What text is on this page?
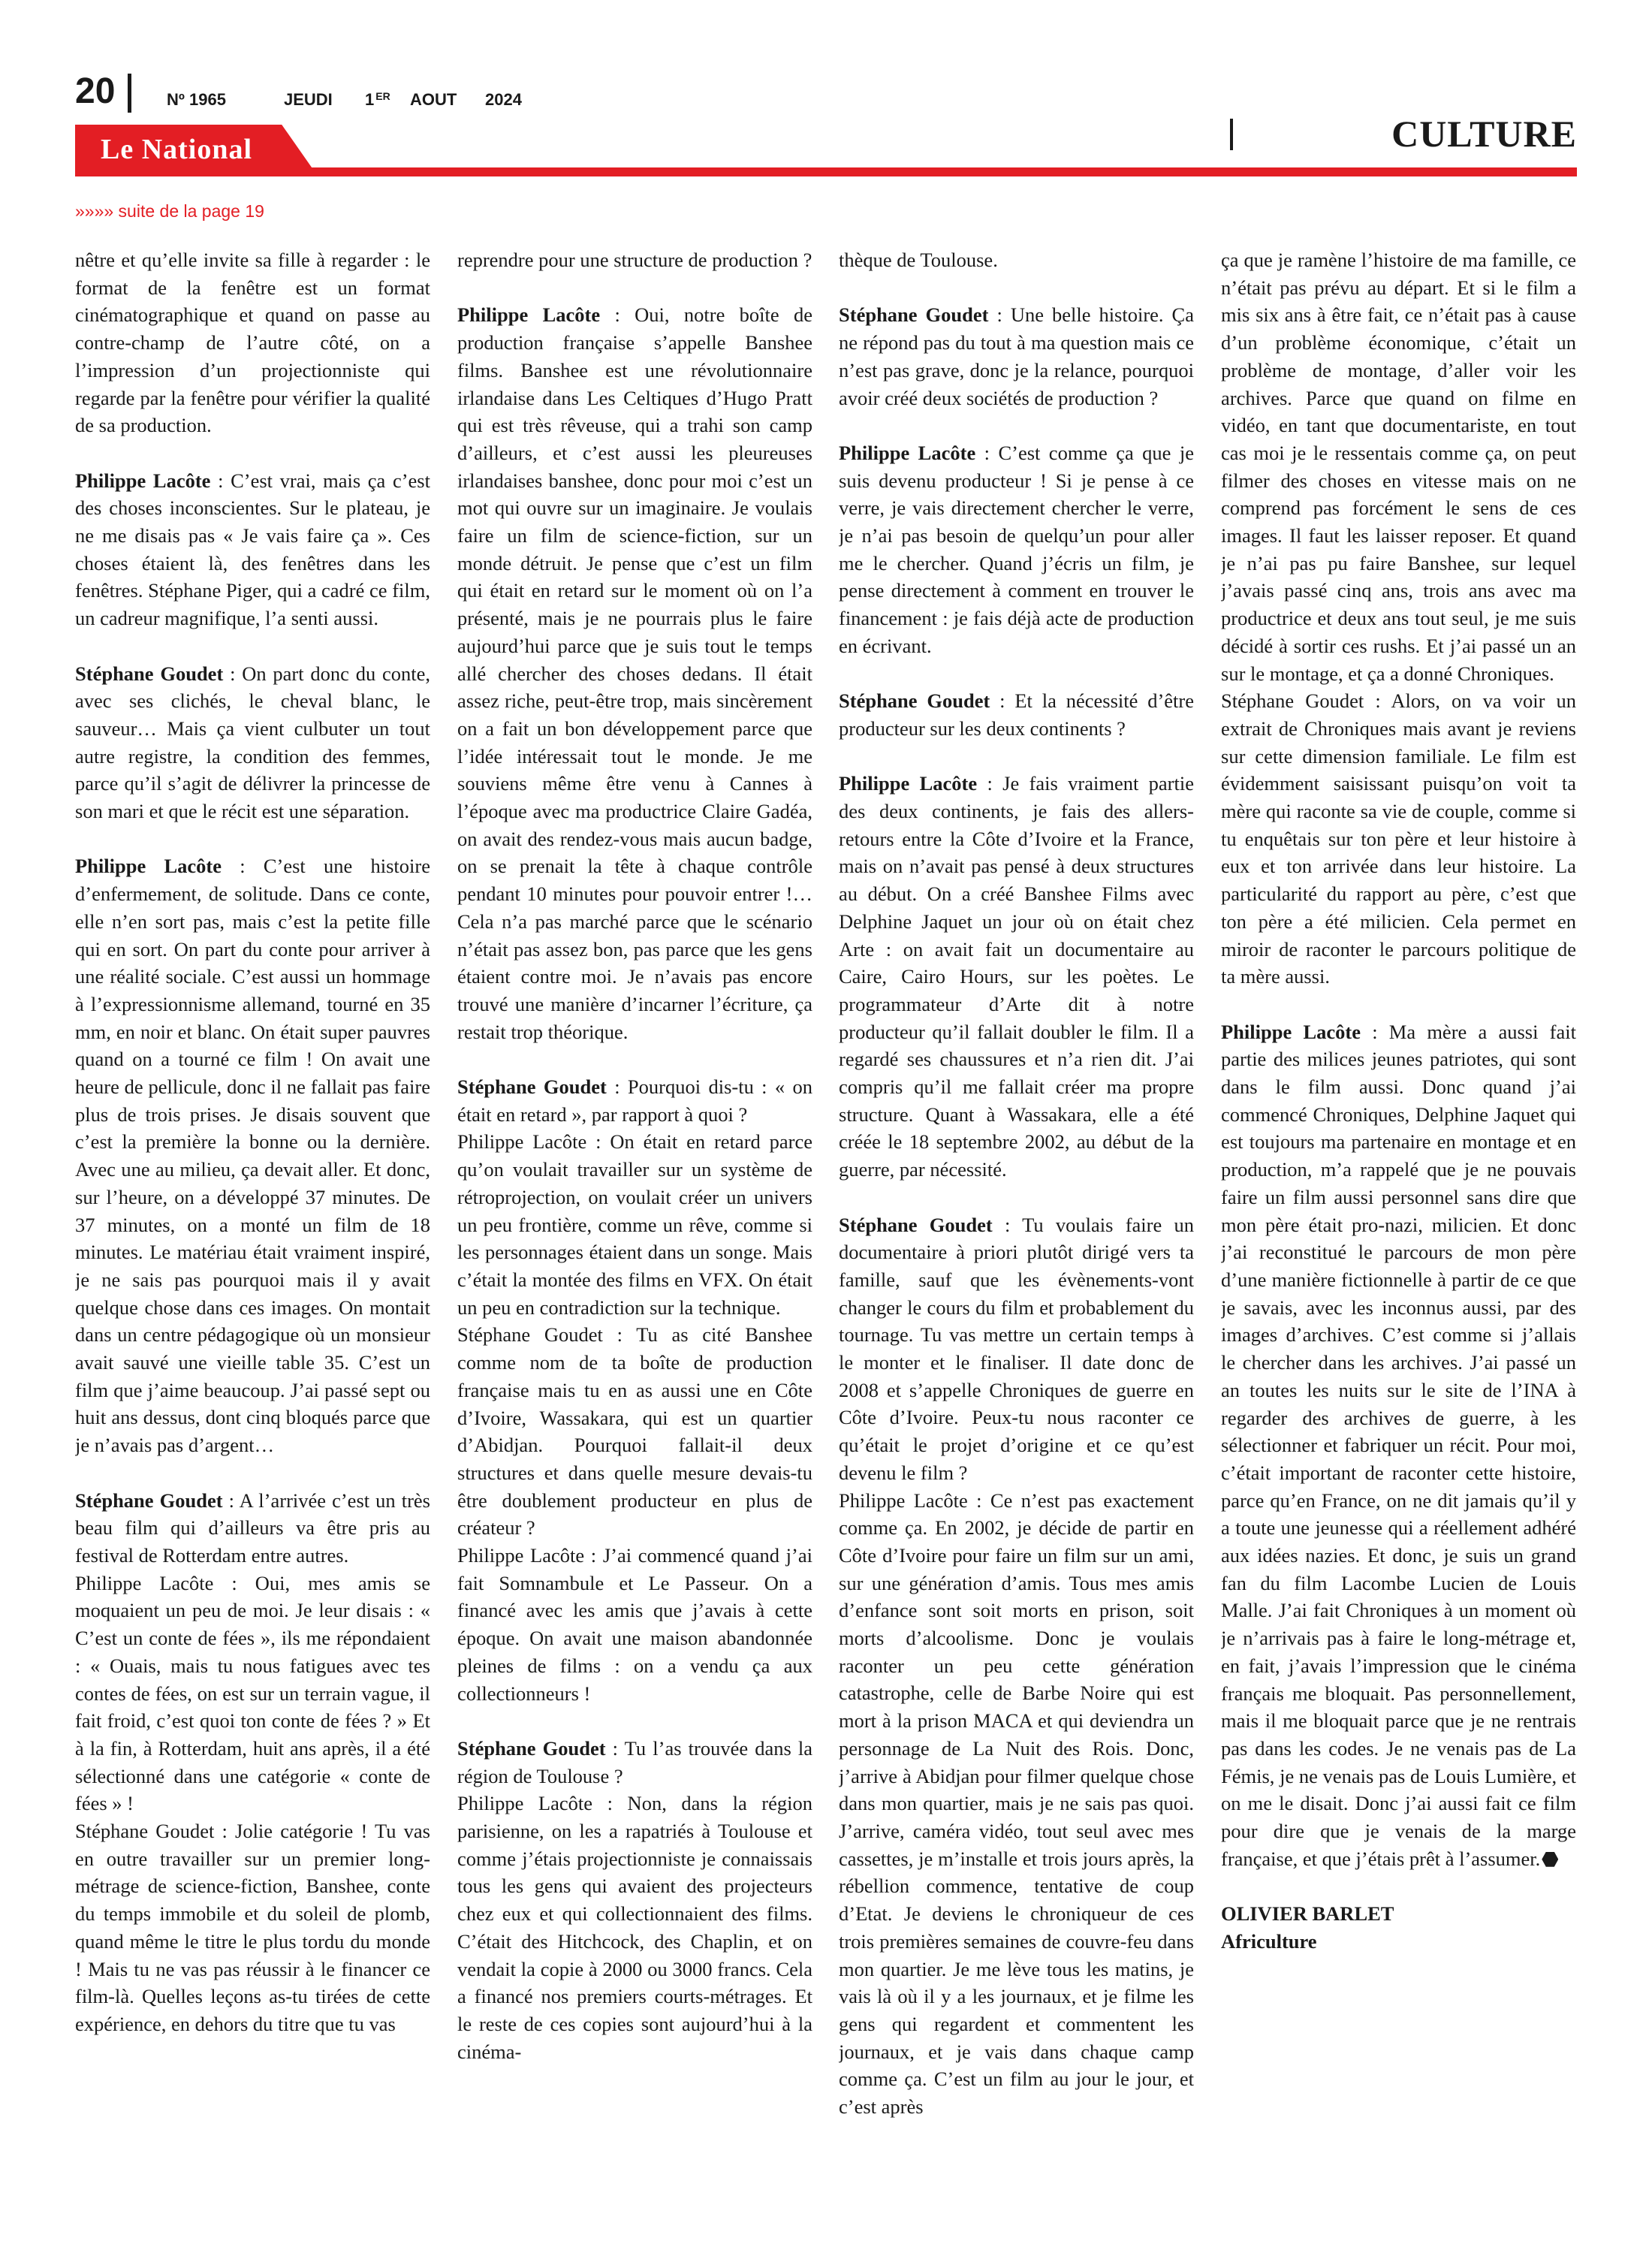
20	Nº 1965	JEUDI	1 $^{ER}$	AOUT	2024
CULTURE
Le National
»»»» suite de la page 19

nêtre et qu’elle invite sa fille à regarder : le format de la fenêtre est un format cinématographique et quand on passe au contre-champ de l’autre côté, on a l’impression d’un projectionniste qui regarde par la fenêtre pour vérifier la qualité de sa production.

Philippe Lacôte : C’est vrai, mais ça c’est des choses inconscientes. Sur le plateau, je ne me disais pas « Je vais faire ça ». Ces choses étaient là, des fenêtres dans les fenêtres. Stéphane Piger, qui a cadré ce film, un cadreur magnifique, l’a senti aussi.

Stéphane Goudet : On part donc du conte, avec ses clichés, le cheval blanc, le sauveur… Mais ça vient culbuter un tout autre registre, la condition des femmes, parce qu’il s’agit de délivrer la princesse de son mari et que le récit est une séparation.

Philippe Lacôte : C’est une histoire d’enfermement, de solitude. Dans ce conte, elle n’en sort pas, mais c’est la petite fille qui en sort. On part du conte pour arriver à une réalité sociale. C’est aussi un hommage à l’expressionnisme allemand, tourné en 35 mm, en noir et blanc. On était super pauvres quand on a tourné ce film ! On avait une heure de pellicule, donc il ne fallait pas faire plus de trois prises. Je disais souvent que c’est la première la bonne ou la dernière. Avec une au milieu, ça devait aller. Et donc, sur l’heure, on a développé 37 minutes. De 37 minutes, on a monté un film de 18 minutes. Le matériau était vraiment inspiré, je ne sais pas pourquoi mais il y avait quelque chose dans ces images. On montait dans un centre pédagogique où un monsieur avait sauvé une vieille table 35. C’est un film que j’aime beaucoup. J’ai passé sept ou huit ans dessus, dont cinq bloqués parce que je n’avais pas d’argent…

Stéphane Goudet : A l’arrivée c’est un très beau film qui d’ailleurs va être pris au festival de Rotterdam entre autres.

Philippe Lacôte : Oui, mes amis se moquaient un peu de moi. Je leur disais : « C’est un conte de fées », ils me répondaient : « Ouais, mais tu nous fatigues avec tes contes de fées, on est sur un terrain vague, il fait froid, c’est quoi ton conte de fées ? » Et à la fin, à Rotterdam, huit ans après, il a été sélectionné dans une catégorie « conte de fées » !

Stéphane Goudet : Jolie catégorie ! Tu vas en outre travailler sur un premier long-métrage de science-fiction, Banshee, conte du temps immobile et du soleil de plomb, quand même le titre le plus tordu du monde ! Mais tu ne vas pas réussir à le financer ce film-là. Quelles leçons as-tu tirées de cette expérience, en dehors du titre que tu vas

reprendre pour une structure de production ?

Philippe Lacôte : Oui, notre boîte de production française s’appelle Banshee films. Banshee est une révolutionnaire irlandaise dans Les Celtiques d’Hugo Pratt qui est très rêveuse, qui a trahi son camp d’ailleurs, et c’est aussi les pleureuses irlandaises banshee, donc pour moi c’est un mot qui ouvre sur un imaginaire. Je voulais faire un film de science-fiction, sur un monde détruit. Je pense que c’est un film qui était en retard sur le moment où on l’a présenté, mais je ne pourrais plus le faire aujourd’hui parce que je suis tout le temps allé chercher des choses dedans. Il était assez riche, peut-être trop, mais sincèrement on a fait un bon développement parce que l’idée intéressait tout le monde. Je me souviens même être venu à Cannes à l’époque avec ma productrice Claire Gadéa, on avait des rendez-vous mais aucun badge, on se prenait la tête à chaque contrôle pendant 10 minutes pour pouvoir entrer !… Cela n’a pas marché parce que le scénario n’était pas assez bon, pas parce que les gens étaient contre moi. Je n’avais pas encore trouvé une manière d’incarner l’écriture, ça restait trop théorique.

Stéphane Goudet : Pourquoi dis-tu : « on était en retard », par rapport à quoi ?

Philippe Lacôte : On était en retard parce qu’on voulait travailler sur un système de rétroprojection, on voulait créer un univers un peu frontière, comme un rêve, comme si les personnages étaient dans un songe. Mais c’était la montée des films en VFX. On était un peu en contradiction sur la technique.

Stéphane Goudet : Tu as cité Banshee comme nom de ta boîte de production française mais tu en as aussi une en Côte d’Ivoire, Wassakara, qui est un quartier d’Abidjan. Pourquoi fallait-il deux structures et dans quelle mesure devais-tu être doublement producteur en plus de créateur ?

Philippe Lacôte : J’ai commencé quand j’ai fait Somnambule et Le Passeur. On a financé avec les amis que j’avais à cette époque. On avait une maison abandonnée pleines de films : on a vendu ça aux collectionneurs !

Stéphane Goudet : Tu l’as trouvée dans la région de Toulouse ?

Philippe Lacôte : Non, dans la région parisienne, on les a rapatriés à Toulouse et comme j’étais projectionniste je connaissais tous les gens qui avaient des projecteurs chez eux et qui collectionnaient des films. C’était des Hitchcock, des Chaplin, et on vendait la copie à 2000 ou 3000 francs. Cela a financé nos premiers courts-métrages. Et le reste de ces copies sont aujourd’hui à la cinéma-

thèque de Toulouse.

Stéphane Goudet : Une belle histoire. Ça ne répond pas du tout à ma question mais ce n’est pas grave, donc je la relance, pourquoi avoir créé deux sociétés de production ?

Philippe Lacôte : C’est comme ça que je suis devenu producteur ! Si je pense à ce verre, je vais directement chercher le verre, je n’ai pas besoin de quelqu’un pour aller me le chercher. Quand j’écris un film, je pense directement à comment en trouver le financement : je fais déjà acte de production en écrivant.

Stéphane Goudet : Et la nécessité d’être producteur sur les deux continents ?

Philippe Lacôte : Je fais vraiment partie des deux continents, je fais des allers-retours entre la Côte d’Ivoire et la France, mais on n’avait pas pensé à deux structures au début. On a créé Banshee Films avec Delphine Jaquet un jour où on était chez Arte : on avait fait un documentaire au Caire, Cairo Hours, sur les poètes. Le programmateur d’Arte dit à notre producteur qu’il fallait doubler le film. Il a regardé ses chaussures et n’a rien dit. J’ai compris qu’il me fallait créer ma propre structure. Quant à Wassakara, elle a été créée le 18 septembre 2002, au début de la guerre, par nécessité.

Stéphane Goudet : Tu voulais faire un documentaire à priori plutôt dirigé vers ta famille, sauf que les évènements-vont changer le cours du film et probablement du tournage. Tu vas mettre un certain temps à le monter et le finaliser. Il date donc de 2008 et s’appelle Chroniques de guerre en Côte d’Ivoire. Peux-tu nous raconter ce qu’était le projet d’origine et ce qu’est devenu le film ?

Philippe Lacôte : Ce n’est pas exactement comme ça. En 2002, je décide de partir en Côte d’Ivoire pour faire un film sur un ami, sur une génération d’amis. Tous mes amis d’enfance sont soit morts en prison, soit morts d’alcoolisme. Donc je voulais raconter un peu cette génération catastrophe, celle de Barbe Noire qui est mort à la prison MACA et qui deviendra un personnage de La Nuit des Rois. Donc, j’arrive à Abidjan pour filmer quelque chose dans mon quartier, mais je ne sais pas quoi. J’arrive, caméra vidéo, tout seul avec mes cassettes, je m’installe et trois jours après, la rébellion commence, tentative de coup d’Etat. Je deviens le chroniqueur de ces trois premières semaines de couvre-feu dans mon quartier. Je me lève tous les matins, je vais là où il y a les journaux, et je filme les gens qui regardent et commentent les journaux, et je vais dans chaque camp comme ça. C’est un film au jour le jour, et c’est après

ça que je ramène l’histoire de ma famille, ce n’était pas prévu au départ. Et si le film a mis six ans à être fait, ce n’était pas à cause d’un problème économique, c’était un problème de montage, d’aller voir les archives. Parce que quand on filme en vidéo, en tant que documentariste, en tout cas moi je le ressentais comme ça, on peut filmer des choses en vitesse mais on ne comprend pas forcément le sens de ces images. Il faut les laisser reposer. Et quand je n’ai pas pu faire Banshee, sur lequel j’avais passé cinq ans, trois ans avec ma productrice et deux ans tout seul, je me suis décidé à sortir ces rushs. Et j’ai passé un an sur le montage, et ça a donné Chroniques.

Stéphane Goudet : Alors, on va voir un extrait de Chroniques mais avant je reviens sur cette dimension familiale. Le film est évidemment saisissant puisqu’on voit ta mère qui raconte sa vie de couple, comme si tu enquêtais sur ton père et leur histoire à eux et ton arrivée dans leur histoire. La particularité du rapport au père, c’est que ton père a été milicien. Cela permet en miroir de raconter le parcours politique de ta mère aussi.

Philippe Lacôte : Ma mère a aussi fait partie des milices jeunes patriotes, qui sont dans le film aussi. Donc quand j’ai commencé Chroniques, Delphine Jaquet qui est toujours ma partenaire en montage et en production, m’a rappelé que je ne pouvais faire un film aussi personnel sans dire que mon père était pro-nazi, milicien. Et donc j’ai reconstitué le parcours de mon père d’une manière fictionnelle à partir de ce que je savais, avec les inconnus aussi, par des images d’archives. C’est comme si j’allais le chercher dans les archives. J’ai passé un an toutes les nuits sur le site de l’INA à regarder des archives de guerre, à les sélectionner et fabriquer un récit. Pour moi, c’était important de raconter cette histoire, parce qu’en France, on ne dit jamais qu’il y a toute une jeunesse qui a réellement adhéré aux idées nazies. Et donc, je suis un grand fan du film Lacombe Lucien de Louis Malle. J’ai fait Chroniques à un moment où je n’arrivais pas à faire le long-métrage et, en fait, j’avais l’impression que le cinéma français me bloquait. Pas personnellement, mais il me bloquait parce que je ne rentrais pas dans les codes. Je ne venais pas de La Fémis, je ne venais pas de Louis Lumière, et on me le disait. Donc j’ai aussi fait ce film pour dire que je venais de la marge française, et que j’étais prêt à l’assumer.

OLIVIER BARLET
Africulture
